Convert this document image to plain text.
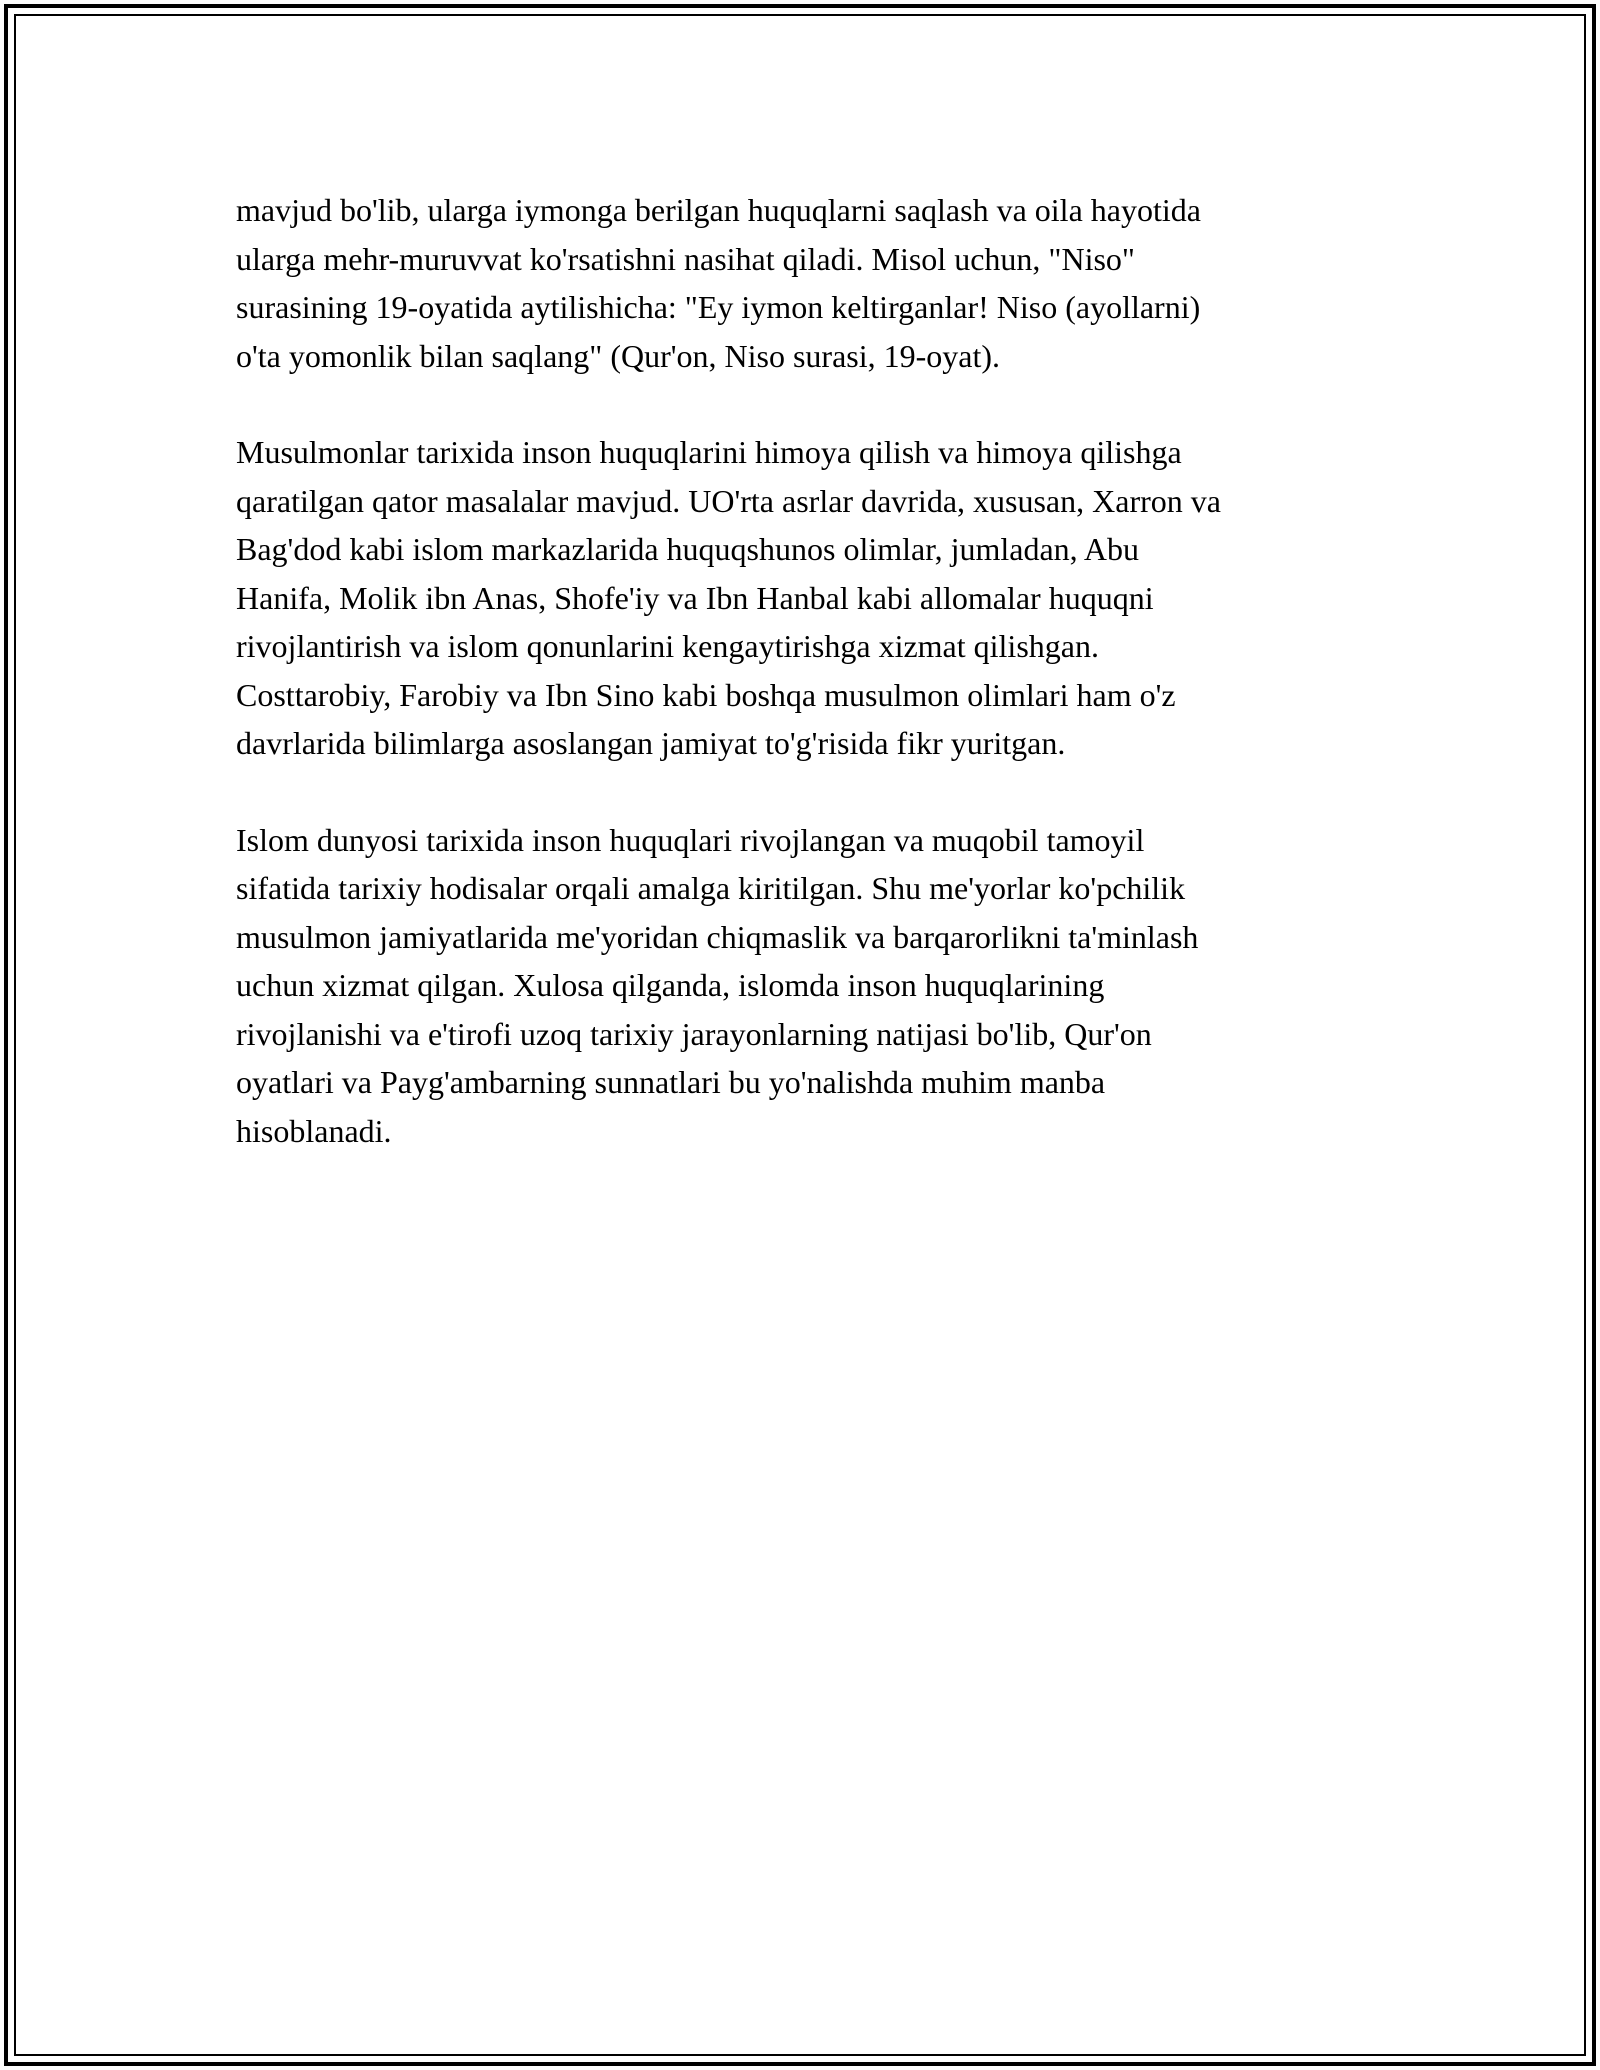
mavjud bo'lib, ularga iymonga berilgan huquqlarni saqlash va oila hayotida
ularga mehr-muruvvat ko'rsatishni nasihat qiladi. Misol uchun, "Niso"
surasining 19-oyatida aytilishicha: "Ey iymon keltirganlar! Niso (ayollarni)
o'ta yomonlik bilan saqlang" (Qur'on, Niso surasi, 19-oyat).

Musulmonlar tarixida inson huquqlarini himoya qilish va himoya qilishga
qaratilgan qator masalalar mavjud. UO'rta asrlar davrida, xususan, Xarron va
Bag'dod kabi islom markazlarida huquqshunos olimlar, jumladan, Abu
Hanifa, Molik ibn Anas, Shofe'iy va Ibn Hanbal kabi allomalar huquqni
rivojlantirish va islom qonunlarini kengaytirishga xizmat qilishgan.
Costtarobiy, Farobiy va Ibn Sino kabi boshqa musulmon olimlari ham o'z
davrlarida bilimlarga asoslangan jamiyat to'g'risida fikr yuritgan.

Islom dunyosi tarixida inson huquqlari rivojlangan va muqobil tamoyil
sifatida tarixiy hodisalar orqali amalga kiritilgan. Shu me'yorlar ko'pchilik
musulmon jamiyatlarida me'yoridan chiqmaslik va barqarorlikni ta'minlash
uchun xizmat qilgan. Xulosa qilganda, islomda inson huquqlarining
rivojlanishi va e'tirofi uzoq tarixiy jarayonlarning natijasi bo'lib, Qur'on
oyatlari va Payg'ambarning sunnatlari bu yo'nalishda muhim manba
hisoblanadi.
